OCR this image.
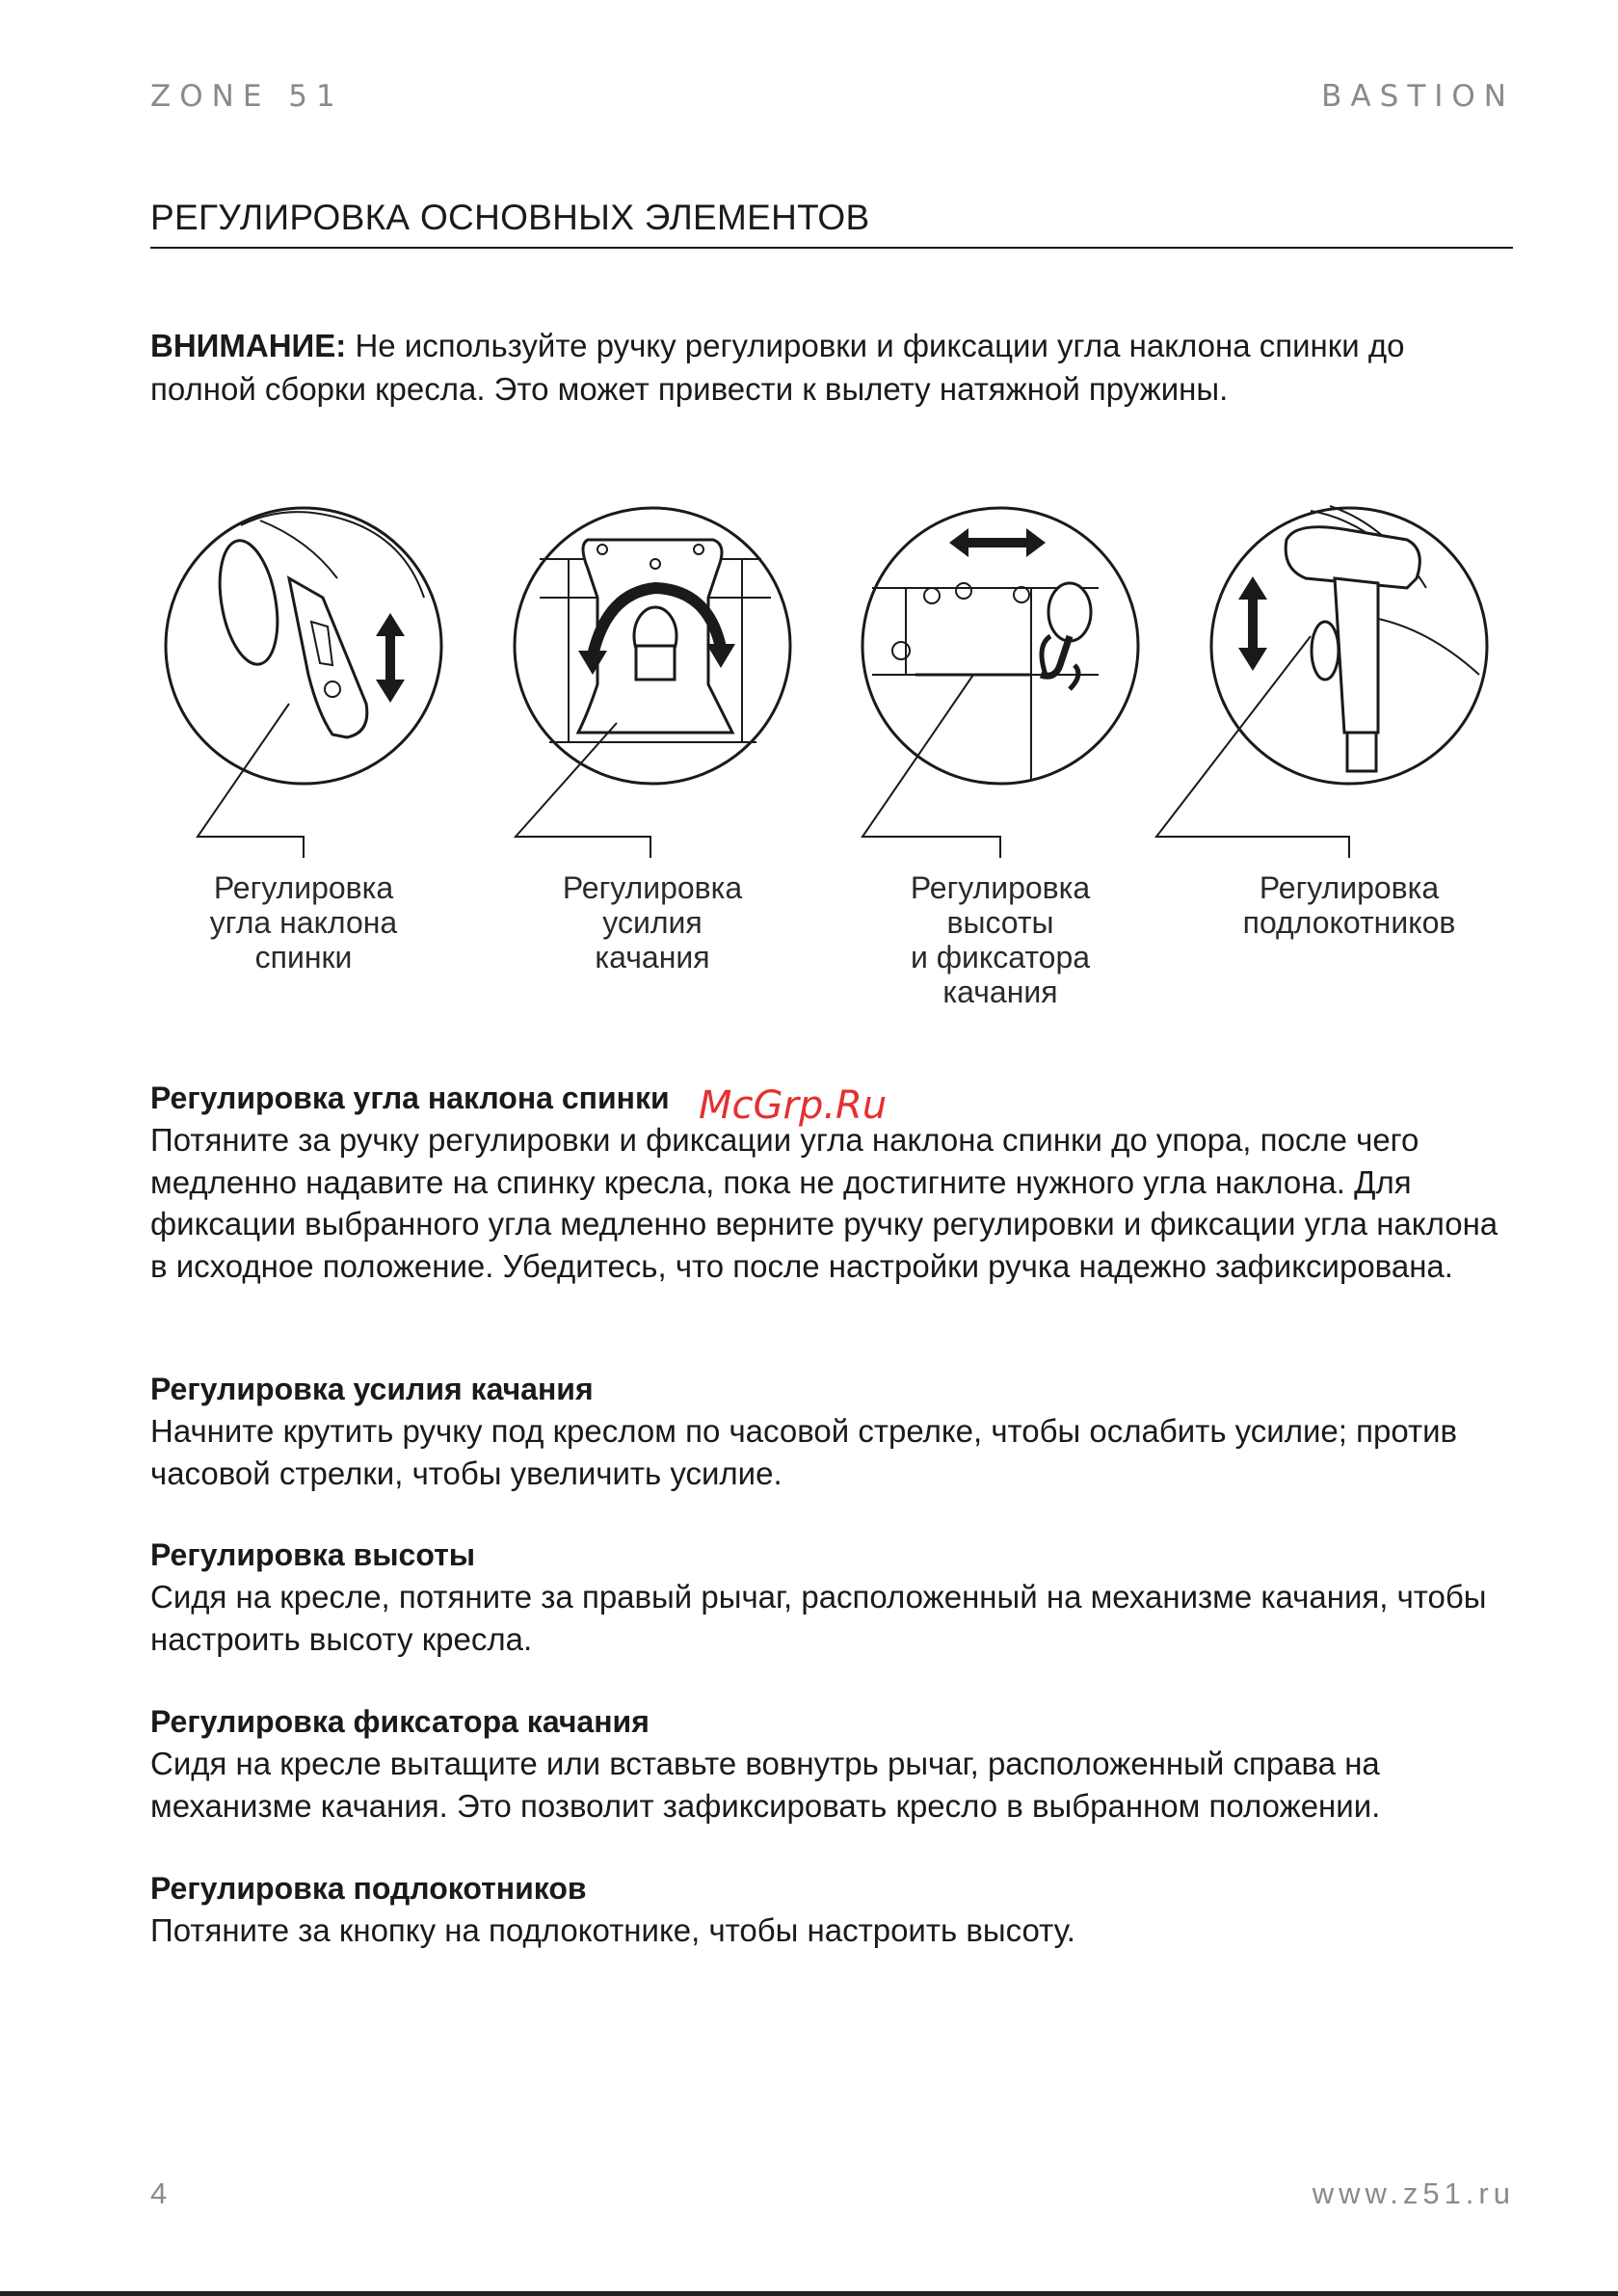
ZONE 51	BASTION
РЕГУЛИРОВКА ОСНОВНЫХ ЭЛЕМЕНТОВ
ВНИМАНИЕ: Не используйте ручку регулировки и фиксации угла наклона спинки до полной сборки кресла. Это может привести к вылету натяжной пружины.
Регулировка
угла наклона
спинки
Регулировка
усилия
качания
Регулировка
высоты
и фиксатора
качания
Регулировка
подлокотников
Регулировка угла наклона спинки

Потяните за ручку регулировки и фиксации угла наклона спинки до упора, после чего медленно надавите на спинку кресла, пока не достигните нужного угла наклона. Для фиксации выбранного угла медленно верните ручку регулировки и фиксации угла наклона в исходное положение. Убедитесь, что после настройки ручка надежно зафиксирована.

Регулировка усилия качания

Начните крутить ручку под креслом по часовой стрелке, чтобы ослабить усилие; против часовой стрелки, чтобы увеличить усилие.

Регулировка высоты

Сидя на кресле, потяните за правый рычаг, расположенный на механизме качания, чтобы настроить высоту кресла.

Регулировка фиксатора качания

Сидя на кресле вытащите или вставьте вовнутрь рычаг, расположенный справа на механизме качания. Это позволит зафиксировать кресло в выбранном положении.

Регулировка подлокотников

Потяните за кнопку на подлокотнике, чтобы настроить высоту.

McGrp.Ru
4	www.z51.ru
